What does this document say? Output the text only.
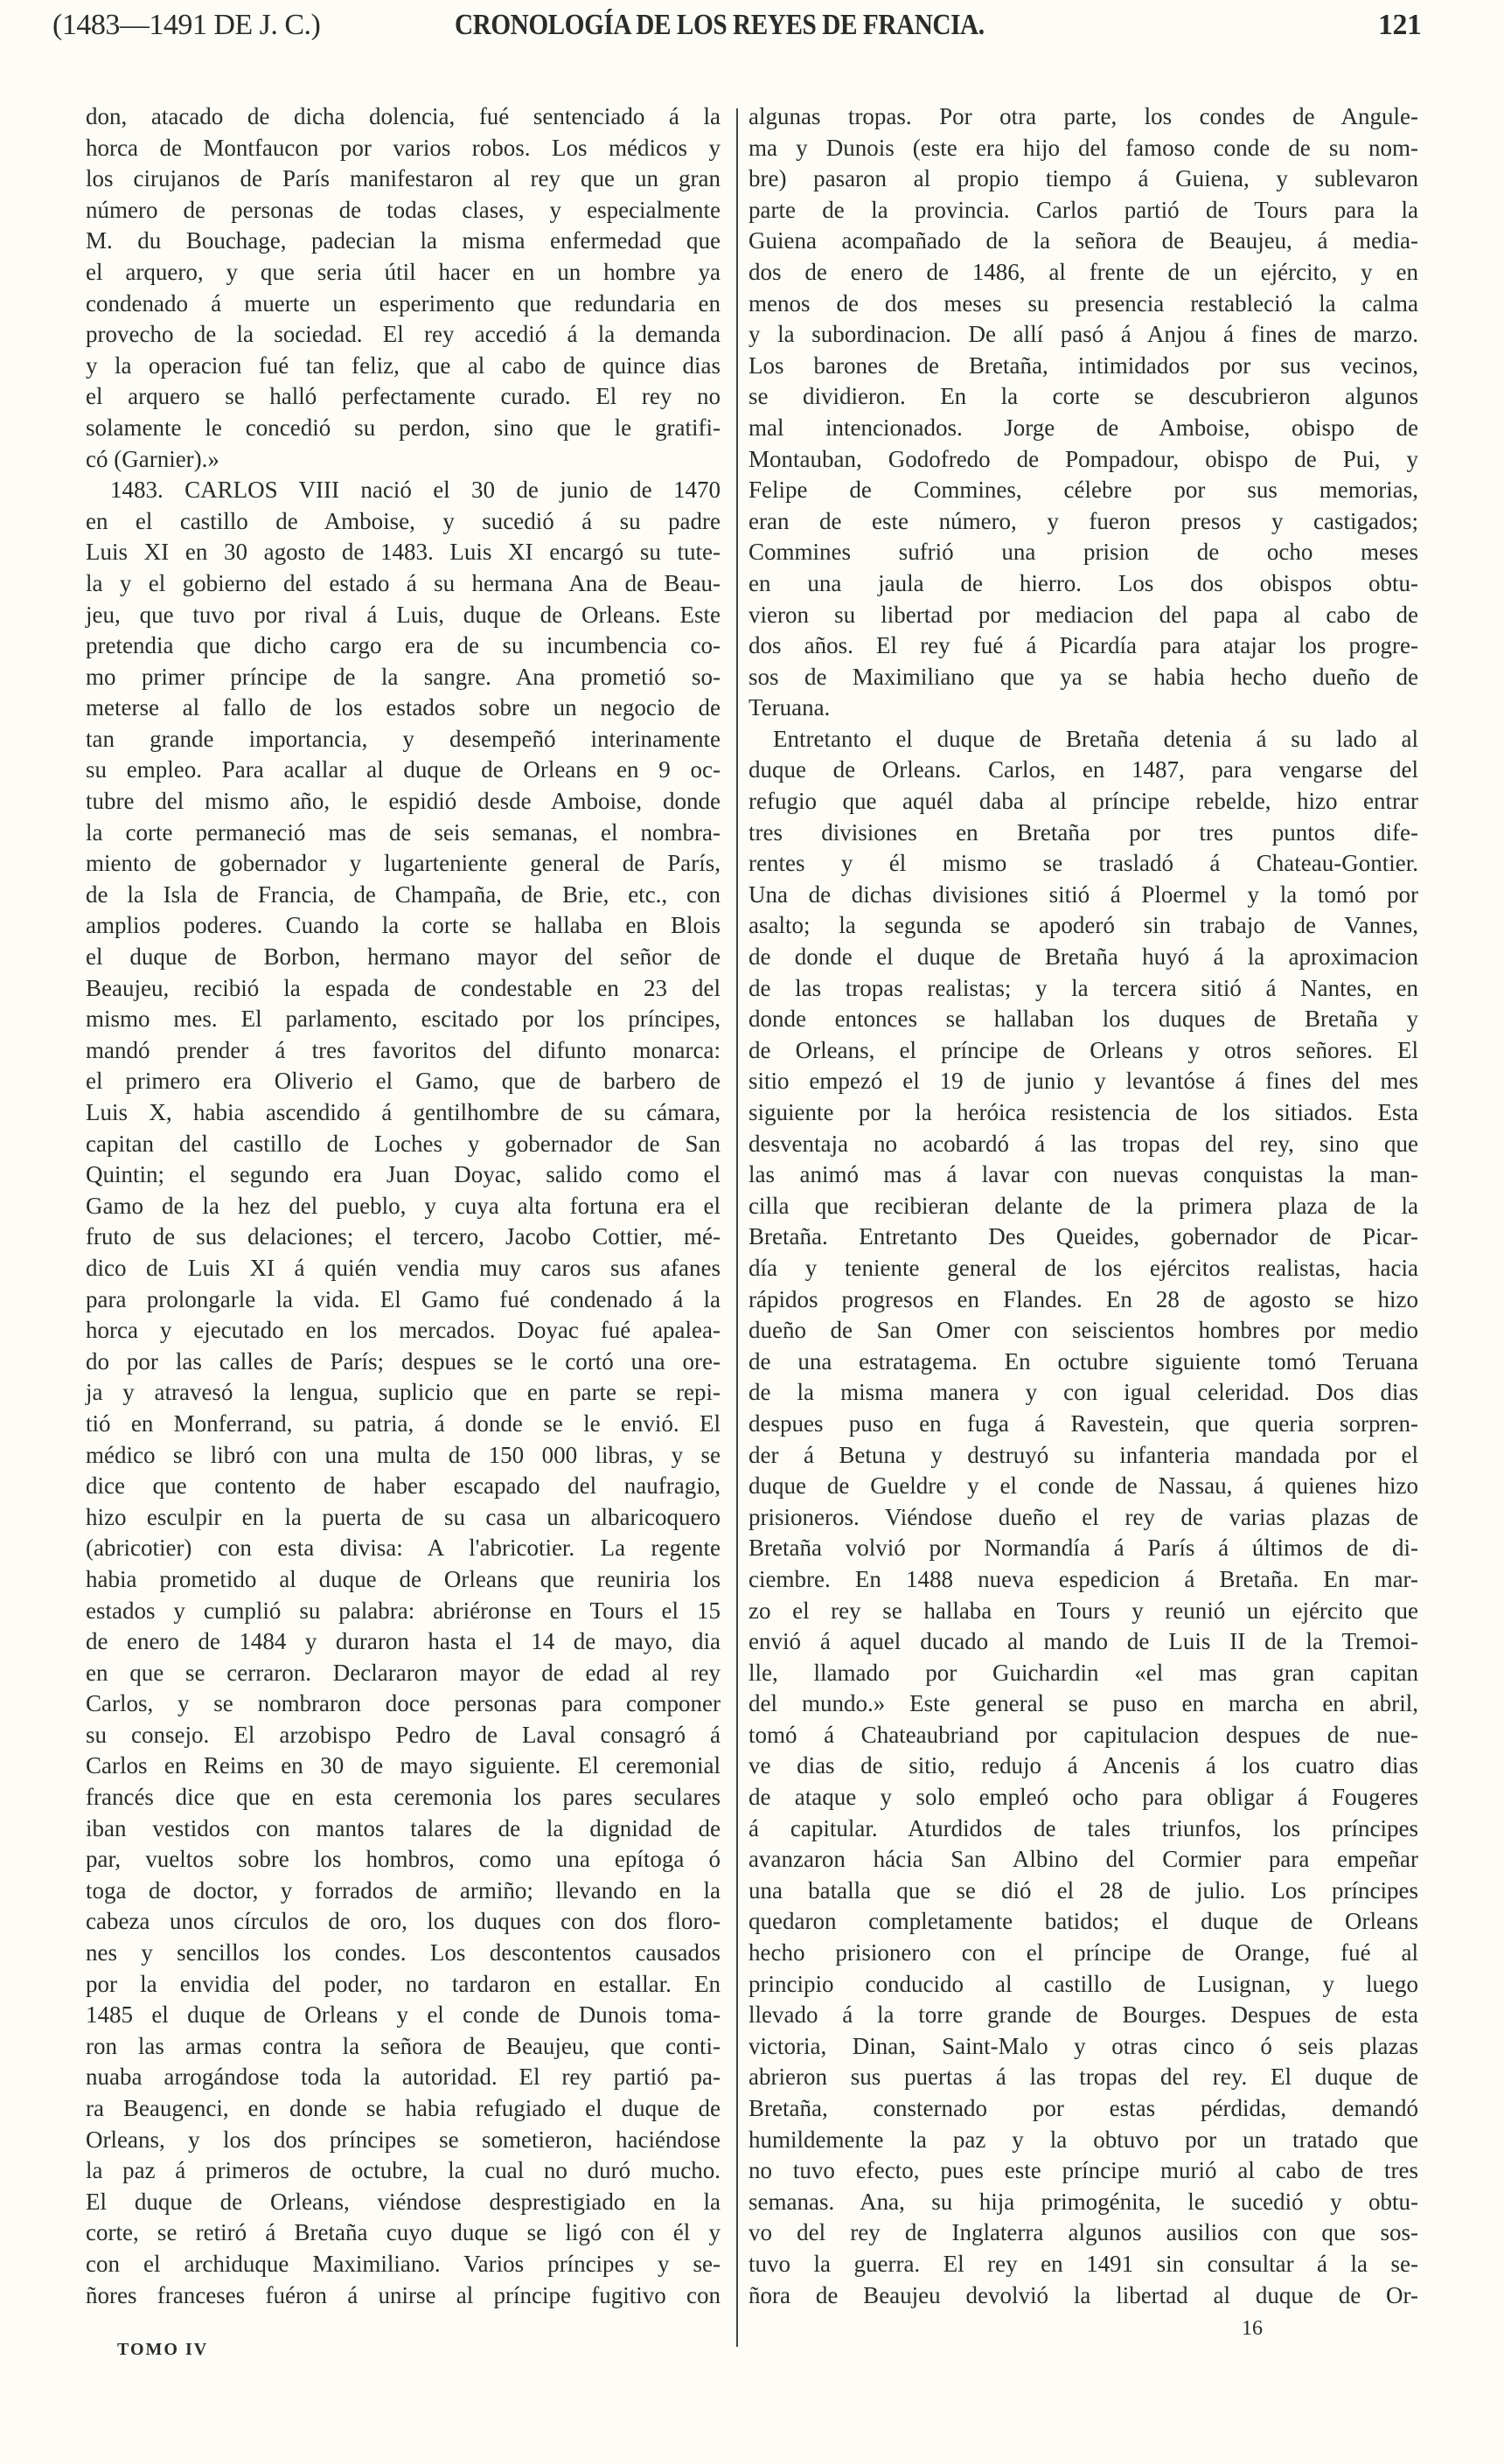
(1483—1491 DE J. C.)	CRONOLOGÍA DE LOS REYES DE FRANCIA.	121
don, atacado de dicha dolencia, fué sentenciado á la
horca de Montfaucon por varios robos. Los médicos y
los cirujanos de París manifestaron al rey que un gran
número de personas de todas clases, y especialmente
M. du Bouchage, padecian la misma enfermedad que
el arquero, y que seria útil hacer en un hombre ya
condenado á muerte un esperimento que redundaria en
provecho de la sociedad. El rey accedió á la demanda
y la operacion fué tan feliz, que al cabo de quince dias
el arquero se halló perfectamente curado. El rey no
solamente le concedió su perdon, sino que le gratifi-
có (Garnier).»
1483. CARLOS VIII nació el 30 de junio de 1470
en el castillo de Amboise, y sucedió á su padre
Luis XI en 30 agosto de 1483. Luis XI encargó su tute-
la y el gobierno del estado á su hermana Ana de Beau-
jeu, que tuvo por rival á Luis, duque de Orleans. Este
pretendia que dicho cargo era de su incumbencia co-
mo primer príncipe de la sangre. Ana prometió so-
meterse al fallo de los estados sobre un negocio de
tan grande importancia, y desempeñó interinamente
su empleo. Para acallar al duque de Orleans en 9 oc-
tubre del mismo año, le espidió desde Amboise, donde
la corte permaneció mas de seis semanas, el nombra-
miento de gobernador y lugarteniente general de París,
de la Isla de Francia, de Champaña, de Brie, etc., con
amplios poderes. Cuando la corte se hallaba en Blois
el duque de Borbon, hermano mayor del señor de
Beaujeu, recibió la espada de condestable en 23 del
mismo mes. El parlamento, escitado por los príncipes,
mandó prender á tres favoritos del difunto monarca:
el primero era Oliverio el Gamo, que de barbero de
Luis X, habia ascendido á gentilhombre de su cámara,
capitan del castillo de Loches y gobernador de San
Quintin; el segundo era Juan Doyac, salido como el
Gamo de la hez del pueblo, y cuya alta fortuna era el
fruto de sus delaciones; el tercero, Jacobo Cottier, mé-
dico de Luis XI á quién vendia muy caros sus afanes
para prolongarle la vida. El Gamo fué condenado á la
horca y ejecutado en los mercados. Doyac fué apalea-
do por las calles de París; despues se le cortó una ore-
ja y atravesó la lengua, suplicio que en parte se repi-
tió en Monferrand, su patria, á donde se le envió. El
médico se libró con una multa de 150 000 libras, y se
dice que contento de haber escapado del naufragio,
hizo esculpir en la puerta de su casa un albaricoquero
(abricotier) con esta divisa: A l'abricotier. La regente
habia prometido al duque de Orleans que reuniria los
estados y cumplió su palabra: abriéronse en Tours el 15
de enero de 1484 y duraron hasta el 14 de mayo, dia
en que se cerraron. Declararon mayor de edad al rey
Carlos, y se nombraron doce personas para componer
su consejo. El arzobispo Pedro de Laval consagró á
Carlos en Reims en 30 de mayo siguiente. El ceremonial
francés dice que en esta ceremonia los pares seculares
iban vestidos con mantos talares de la dignidad de
par, vueltos sobre los hombros, como una epítoga ó
toga de doctor, y forrados de armiño; llevando en la
cabeza unos círculos de oro, los duques con dos floro-
nes y sencillos los condes. Los descontentos causados
por la envidia del poder, no tardaron en estallar. En
1485 el duque de Orleans y el conde de Dunois toma-
ron las armas contra la señora de Beaujeu, que conti-
nuaba arrogándose toda la autoridad. El rey partió pa-
ra Beaugenci, en donde se habia refugiado el duque de
Orleans, y los dos príncipes se sometieron, haciéndose
la paz á primeros de octubre, la cual no duró mucho.
El duque de Orleans, viéndose desprestigiado en la
corte, se retiró á Bretaña cuyo duque se ligó con él y
con el archiduque Maximiliano. Varios príncipes y se-
ñores franceses fuéron á unirse al príncipe fugitivo con
algunas tropas. Por otra parte, los condes de Angule-
ma y Dunois (este era hijo del famoso conde de su nom-
bre) pasaron al propio tiempo á Guiena, y sublevaron
parte de la provincia. Carlos partió de Tours para la
Guiena acompañado de la señora de Beaujeu, á media-
dos de enero de 1486, al frente de un ejército, y en
menos de dos meses su presencia restableció la calma
y la subordinacion. De allí pasó á Anjou á fines de marzo.
Los barones de Bretaña, intimidados por sus vecinos,
se dividieron. En la corte se descubrieron algunos
mal intencionados. Jorge de Amboise, obispo de
Montauban, Godofredo de Pompadour, obispo de Pui, y
Felipe de Commines, célebre por sus memorias,
eran de este número, y fueron presos y castigados;
Commines sufrió una prision de ocho meses
en una jaula de hierro. Los dos obispos obtu-
vieron su libertad por mediacion del papa al cabo de
dos años. El rey fué á Picardía para atajar los progre-
sos de Maximiliano que ya se habia hecho dueño de
Teruana.
Entretanto el duque de Bretaña detenia á su lado al
duque de Orleans. Carlos, en 1487, para vengarse del
refugio que aquél daba al príncipe rebelde, hizo entrar
tres divisiones en Bretaña por tres puntos dife-
rentes y él mismo se trasladó á Chateau-Gontier.
Una de dichas divisiones sitió á Ploermel y la tomó por
asalto; la segunda se apoderó sin trabajo de Vannes,
de donde el duque de Bretaña huyó á la aproximacion
de las tropas realistas; y la tercera sitió á Nantes, en
donde entonces se hallaban los duques de Bretaña y
de Orleans, el príncipe de Orleans y otros señores. El
sitio empezó el 19 de junio y levantóse á fines del mes
siguiente por la heróica resistencia de los sitiados. Esta
desventaja no acobardó á las tropas del rey, sino que
las animó mas á lavar con nuevas conquistas la man-
cilla que recibieran delante de la primera plaza de la
Bretaña. Entretanto Des Queides, gobernador de Picar-
día y teniente general de los ejércitos realistas, hacia
rápidos progresos en Flandes. En 28 de agosto se hizo
dueño de San Omer con seiscientos hombres por medio
de una estratagema. En octubre siguiente tomó Teruana
de la misma manera y con igual celeridad. Dos dias
despues puso en fuga á Ravestein, que queria sorpren-
der á Betuna y destruyó su infanteria mandada por el
duque de Gueldre y el conde de Nassau, á quienes hizo
prisioneros. Viéndose dueño el rey de varias plazas de
Bretaña volvió por Normandía á París á últimos de di-
ciembre. En 1488 nueva espedicion á Bretaña. En mar-
zo el rey se hallaba en Tours y reunió un ejército que
envió á aquel ducado al mando de Luis II de la Tremoi-
lle, llamado por Guichardin «el mas gran capitan
del mundo.» Este general se puso en marcha en abril,
tomó á Chateaubriand por capitulacion despues de nue-
ve dias de sitio, redujo á Ancenis á los cuatro dias
de ataque y solo empleó ocho para obligar á Fougeres
á capitular. Aturdidos de tales triunfos, los príncipes
avanzaron hácia San Albino del Cormier para empeñar
una batalla que se dió el 28 de julio. Los príncipes
quedaron completamente batidos; el duque de Orleans
hecho prisionero con el príncipe de Orange, fué al
principio conducido al castillo de Lusignan, y luego
llevado á la torre grande de Bourges. Despues de esta
victoria, Dinan, Saint-Malo y otras cinco ó seis plazas
abrieron sus puertas á las tropas del rey. El duque de
Bretaña, consternado por estas pérdidas, demandó
humildemente la paz y la obtuvo por un tratado que
no tuvo efecto, pues este príncipe murió al cabo de tres
semanas. Ana, su hija primogénita, le sucedió y obtu-
vo del rey de Inglaterra algunos ausilios con que sos-
tuvo la guerra. El rey en 1491 sin consultar á la se-
ñora de Beaujeu devolvió la libertad al duque de Or-
TOMO IV
16
